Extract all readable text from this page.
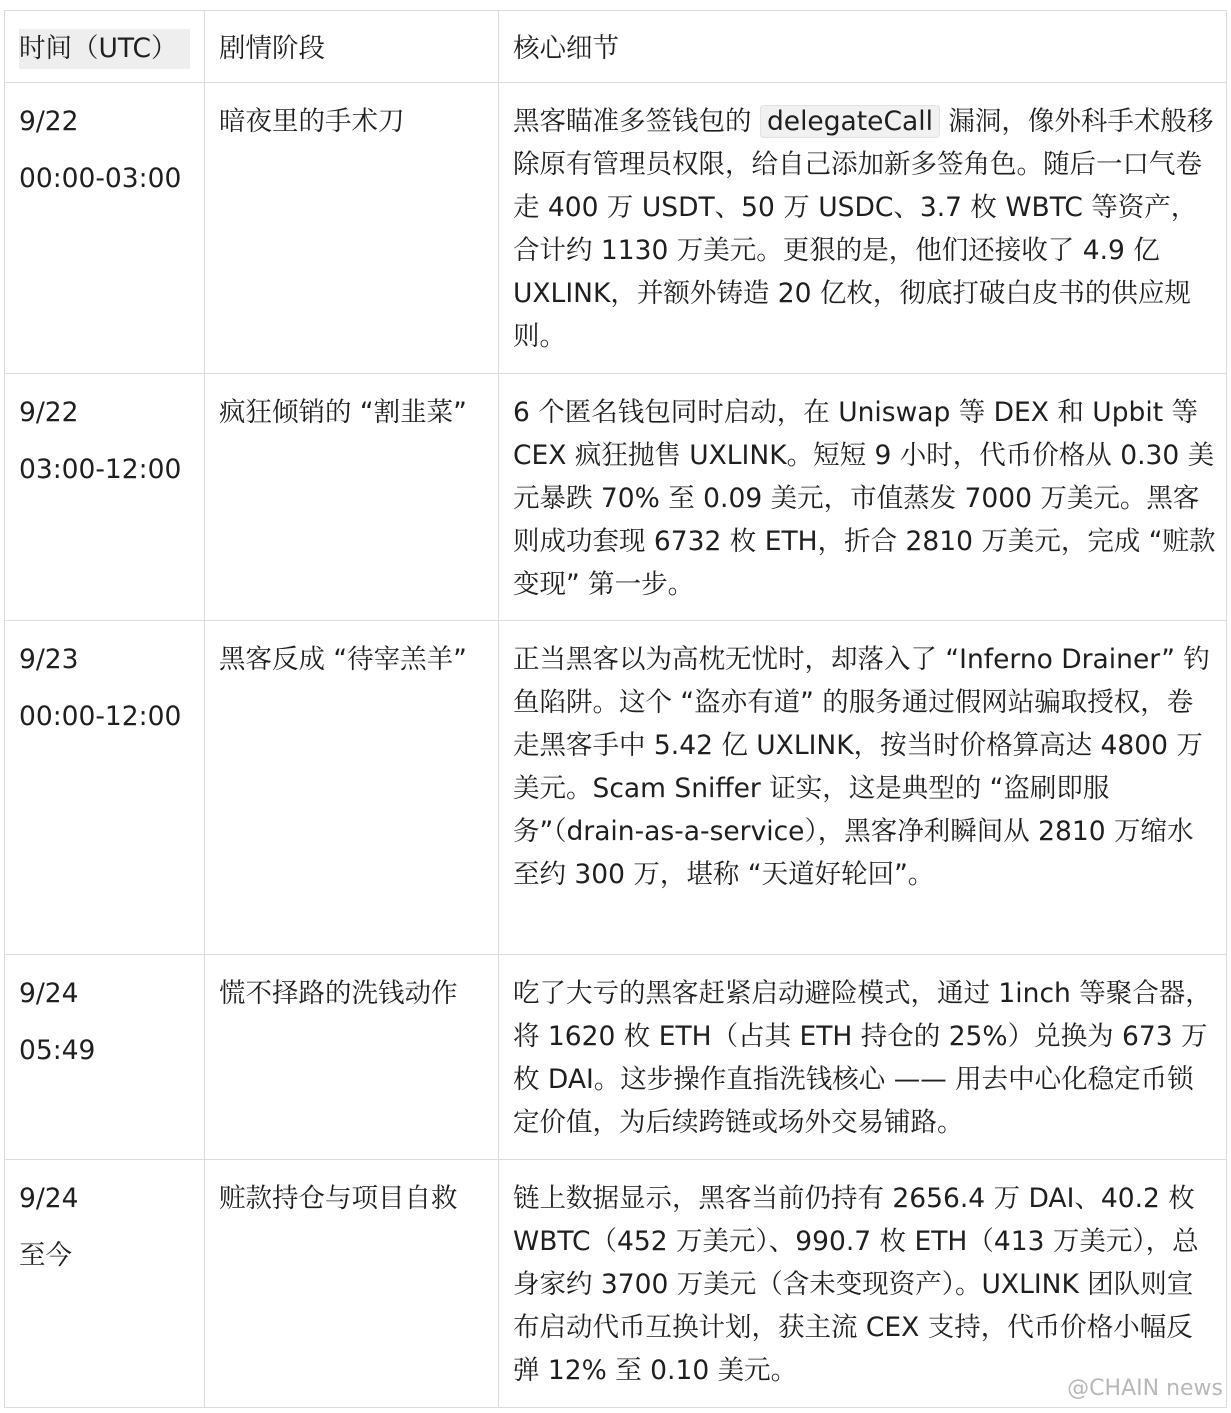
时间（UTC）	剧情阶段	核心细节

9/22
00:00-03:00	暗夜里的手术刀	黑客瞄准多签钱包的 delegateCall 漏洞，像外科手术般移除原有管理员权限，给自己添加新多签角色。随后一口气卷走 400 万 USDT、50 万 USDC、3.7 枚 WBTC 等资产，合计约 1130 万美元。更狠的是，他们还接收了 4.9 亿 UXLINK，并额外铸造 20 亿枚，彻底打破白皮书的供应规则。

9/22
03:00-12:00	疯狂倾销的 “割韭菜”	6 个匿名钱包同时启动，在 Uniswap 等 DEX 和 Upbit 等 CEX 疯狂抛售 UXLINK。短短 9 小时，代币价格从 0.30 美元暴跌 70% 至 0.09 美元，市值蒸发 7000 万美元。黑客则成功套现 6732 枚 ETH，折合 2810 万美元，完成 “赃款变现” 第一步。

9/23
00:00-12:00	黑客反成 “待宰羔羊”	正当黑客以为高枕无忧时，却落入了 “Inferno Drainer” 钓鱼陷阱。这个 “盗亦有道” 的服务通过假网站骗取授权，卷走黑客手中 5.42 亿 UXLINK，按当时价格算高达 4800 万美元。Scam Sniffer 证实，这是典型的 “盗刷即服务”（drain-as-a-service），黑客净利瞬间从 2810 万缩水至约 300 万，堪称 “天道好轮回”。

9/24
05:49	慌不择路的洗钱动作	吃了大亏的黑客赶紧启动避险模式，通过 1inch 等聚合器，将 1620 枚 ETH（占其 ETH 持仓的 25%）兑换为 673 万枚 DAI。这步操作直指洗钱核心 —— 用去中心化稳定币锁定价值，为后续跨链或场外交易铺路。

9/24
至今	赃款持仓与项目自救	链上数据显示，黑客当前仍持有 2656.4 万 DAI、40.2 枚 WBTC（452 万美元）、990.7 枚 ETH（413 万美元），总身家约 3700 万美元（含未变现资产）。UXLINK 团队则宣布启动代币互换计划，获主流 CEX 支持，代币价格小幅反弹 12% 至 0.10 美元。
@CHAIN news
